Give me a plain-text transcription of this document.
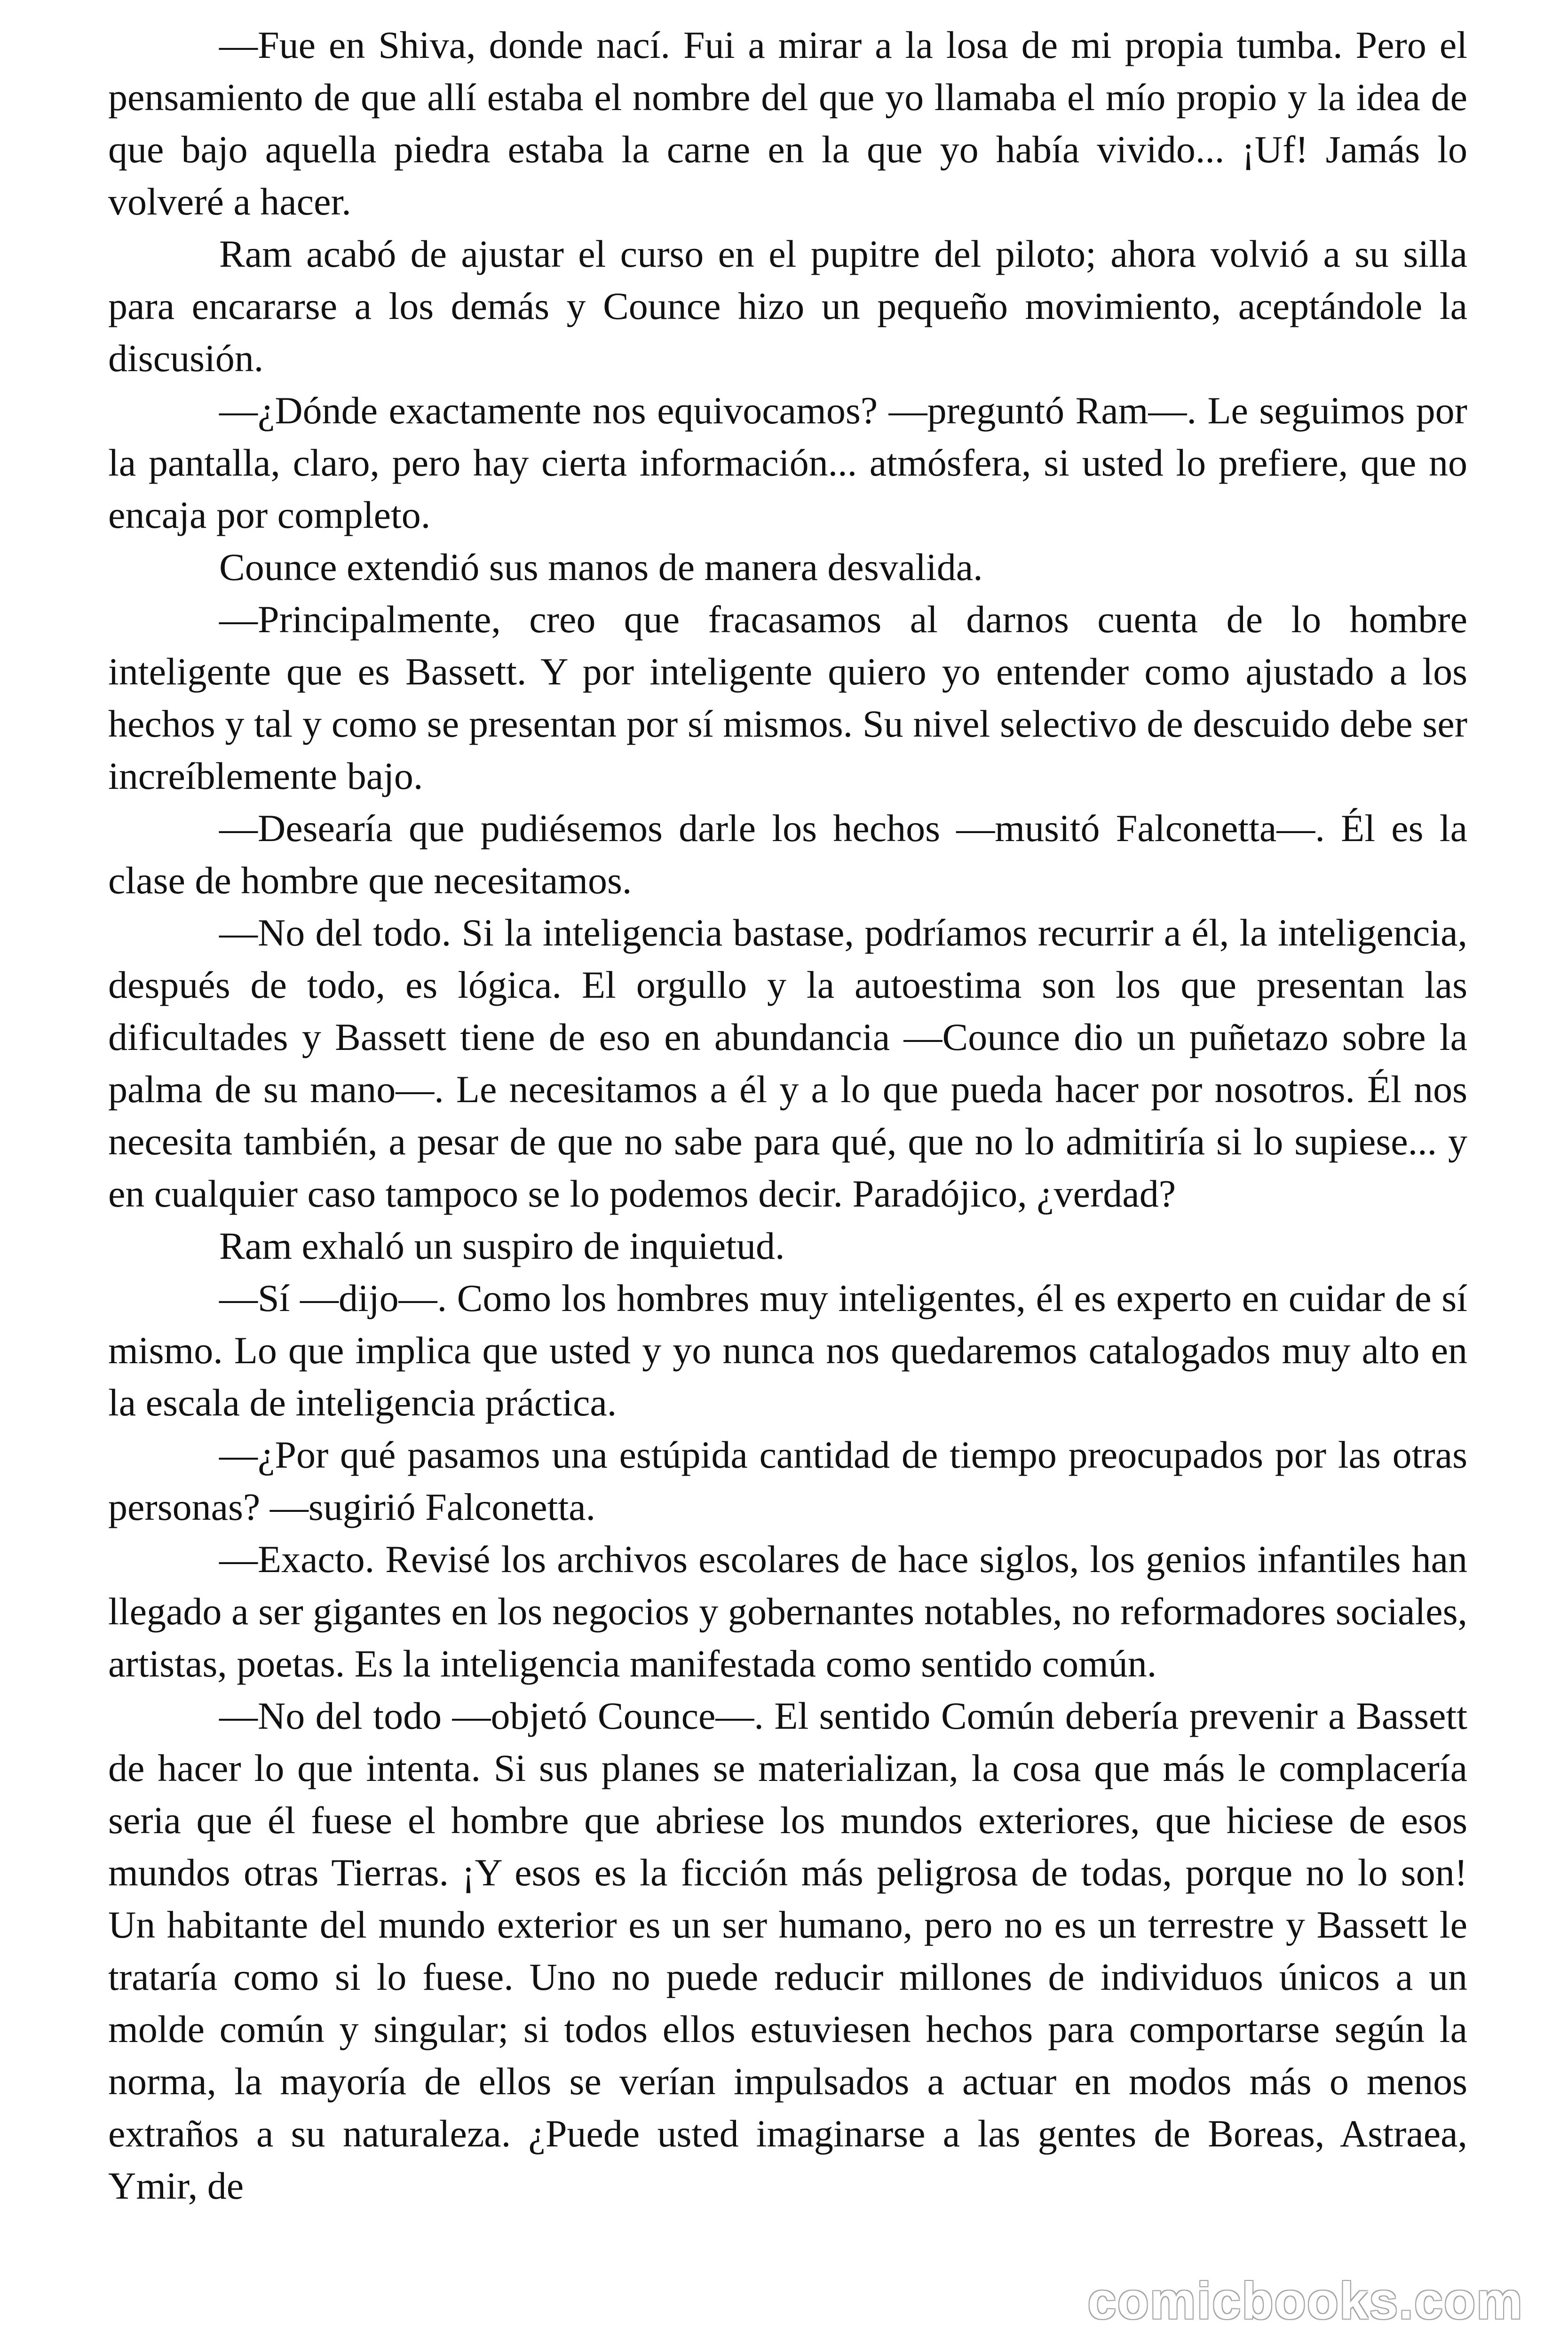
—Fue en Shiva, donde nací. Fui a mirar a la losa de mi propia tumba. Pero el pensamiento de que allí estaba el nombre del que yo llamaba el mío propio y la idea de que bajo aquella piedra estaba la carne en la que yo había vivido... ¡Uf! Jamás lo volveré a hacer.

Ram acabó de ajustar el curso en el pupitre del piloto; ahora volvió a su silla para encararse a los demás y Counce hizo un pequeño movimiento, aceptándole la discusión.

—¿Dónde exactamente nos equivocamos? —preguntó Ram—. Le seguimos por la pantalla, claro, pero hay cierta información... atmósfera, si usted lo prefiere, que no encaja por completo.

Counce extendió sus manos de manera desvalida.

—Principalmente, creo que fracasamos al darnos cuenta de lo hombre inteligente que es Bassett. Y por inteligente quiero yo entender como ajustado a los hechos y tal y como se presentan por sí mismos. Su nivel selectivo de descuido debe ser increíblemente bajo.

—Desearía que pudiésemos darle los hechos —musitó Falconetta—. Él es la clase de hombre que necesitamos.

—No del todo. Si la inteligencia bastase, podríamos recurrir a él, la inteligencia, después de todo, es lógica. El orgullo y la autoestima son los que presentan las dificultades y Bassett tiene de eso en abundancia —Counce dio un puñetazo sobre la palma de su mano—. Le necesitamos a él y a lo que pueda hacer por nosotros. Él nos necesita también, a pesar de que no sabe para qué, que no lo admitiría si lo supiese... y en cualquier caso tampoco se lo podemos decir. Paradójico, ¿verdad?

Ram exhaló un suspiro de inquietud.

—Sí —dijo—. Como los hombres muy inteligentes, él es experto en cuidar de sí mismo. Lo que implica que usted y yo nunca nos quedaremos catalogados muy alto en la escala de inteligencia práctica.

—¿Por qué pasamos una estúpida cantidad de tiempo preocupados por las otras personas? —sugirió Falconetta.

—Exacto. Revisé los archivos escolares de hace siglos, los genios infantiles han llegado a ser gigantes en los negocios y gobernantes notables, no reformadores sociales, artistas, poetas. Es la inteligencia manifestada como sentido común.

—No del todo —objetó Counce—. El sentido Común debería prevenir a Bassett de hacer lo que intenta. Si sus planes se materializan, la cosa que más le complacería seria que él fuese el hombre que abriese los mundos exteriores, que hiciese de esos mundos otras Tierras. ¡Y esos es la ficción más peligrosa de todas, porque no lo son! Un habitante del mundo exterior es un ser humano, pero no es un terrestre y Bassett le trataría como si lo fuese. Uno no puede reducir millones de individuos únicos a un molde común y singular; si todos ellos estuviesen hechos para comportarse según la norma, la mayoría de ellos se verían impulsados a actuar en modos más o menos extraños a su naturaleza. ¿Puede usted imaginarse a las gentes de Boreas, Astraea, Ymir, de

comicbooks.com
